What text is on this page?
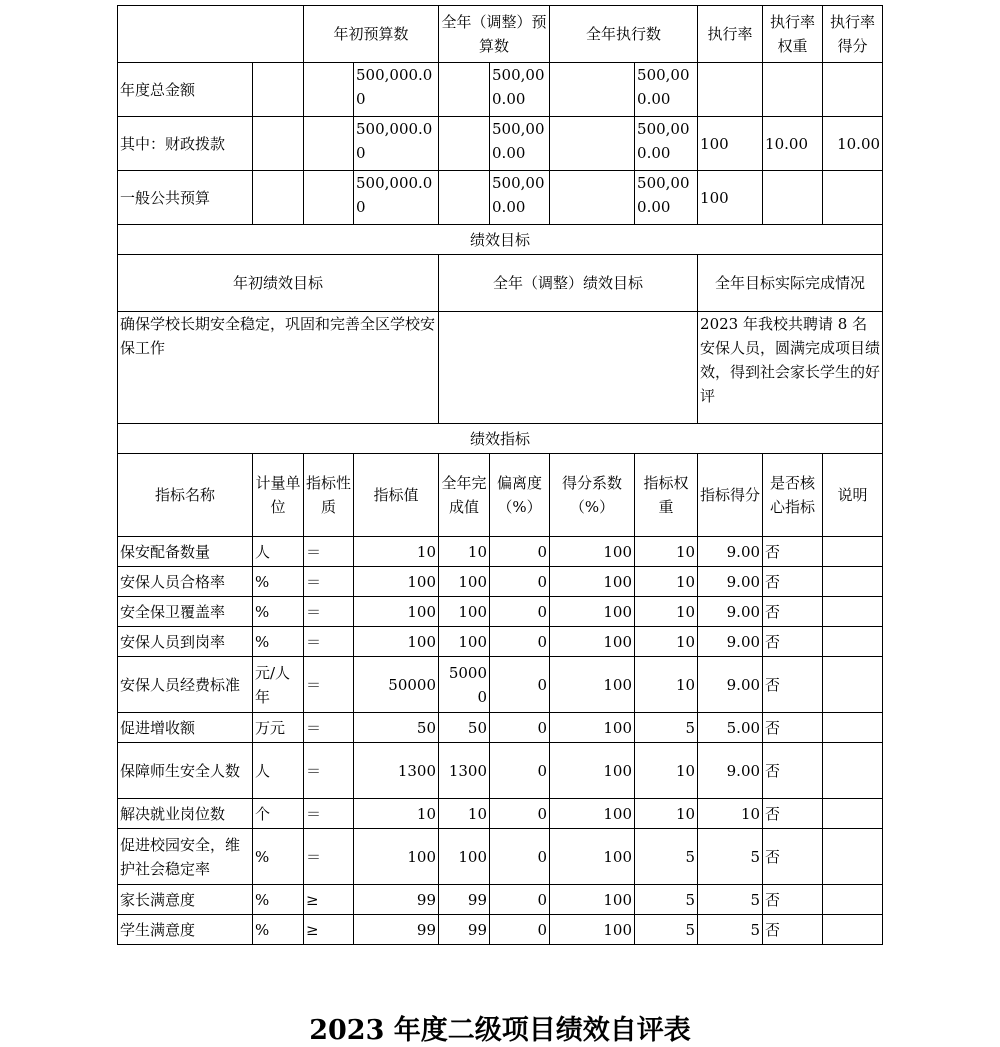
		年初预算数		全年（调整）预算数		全年执行数		执行率	执行率权重	执行率得分
年度总金额			500,000.00		500,000.00		500,000.00			
其中：财政拨款			500,000.00		500,000.00		500,000.00	100	10.00	10.00
一般公共预算			500,000.00		500,000.00		500,000.00	100		
绩效目标										
年初绩效目标				全年（调整）绩效目标				全年目标实际完成情况		
确保学校长期安全稳定，巩固和完善全区学校安保工作								2023 年我校共聘请 8 名安保人员，圆满完成项目绩效，得到社会家长学生的好评		
绩效指标										
指标名称	计量单位	指标性质	指标值	全年完成值	偏离度（%）	得分系数（%）	指标权重	指标得分	是否核心指标	说明
保安配备数量	人	＝	10	10	0	100	10	9.00	否	
安保人员合格率	%	＝	100	100	0	100	10	9.00	否	
安全保卫覆盖率	%	＝	100	100	0	100	10	9.00	否	
安保人员到岗率	%	＝	100	100	0	100	10	9.00	否	
安保人员经费标准	元/人年	＝	50000	50000	0	100	10	9.00	否	
促进增收额	万元	＝	50	50	0	100	5	5.00	否	
保障师生安全人数	人	＝	1300	1300	0	100	10	9.00	否	
解决就业岗位数	个	＝	10	10	0	100	10	10	否	
促进校园安全，维护社会稳定率	%	＝	100	100	0	100	5	5	否	
家长满意度	%	≥	99	99	0	100	5	5	否	
学生满意度	%	≥	99	99	0	100	5	5	否	
2023 年度二级项目绩效自评表
